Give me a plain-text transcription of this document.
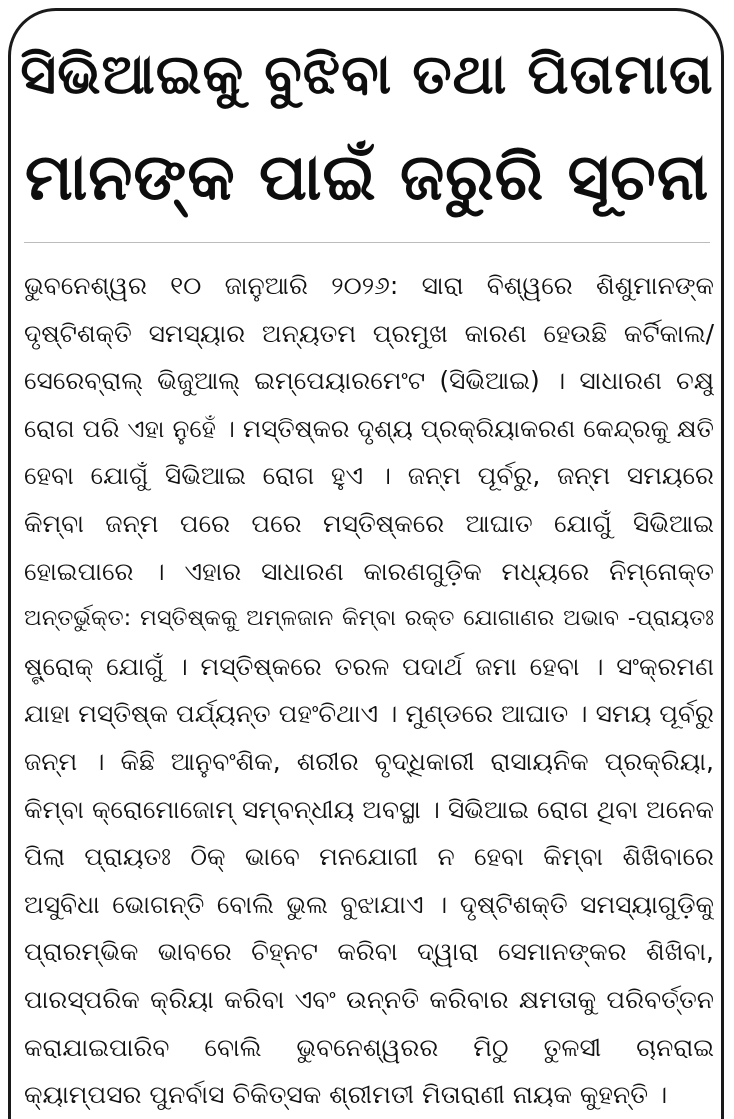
ସିଭିଆଇକୁ ବୁଝିବା ତଥା ପିତାମାତା
ମାନଙ୍କ ପାଇଁ ଜରୁରି ସୂଚନା
ଭୁବନେଶ୍ୱର ୧୦ ଜାନୁଆରି ୨୦୨୬: ସାରା ବିଶ୍ୱରେ ଶିଶୁମାନଙ୍କ
ଦୃଷ୍ଟିଶକ୍ତି ସମସ୍ୟାର ଅନ୍ୟତମ ପ୍ରମୁଖ କାରଣ ହେଉଛି କର୍ଟିକାଲ/
ସେରେବ୍ରାଲ୍ ଭିଜୁଆଲ୍ ଇମ୍ପେୟାରମେଂଟ (ସିଭିଆଇ) । ସାଧାରଣ ଚକ୍ଷୁ
ରୋଗ ପରି ଏହା ନୁହେଁ । ମସ୍ତିଷ୍କର ଦୃଶ୍ୟ ପ୍ରକ୍ରିୟାକରଣ କେନ୍ଦ୍ରକୁ କ୍ଷତି
ହେବା ଯୋଗୁଁ ସିଭିଆଇ ରୋଗ ହୁଏ । ଜନ୍ମ ପୂର୍ବରୁ, ଜନ୍ମ ସମୟରେ
କିମ୍ବା ଜନ୍ମ ପରେ ପରେ ମସ୍ତିଷ୍କରେ ଆଘାତ ଯୋଗୁଁ ସିଭିଆଇ
ହୋଇପାରେ । ଏହାର ସାଧାରଣ କାରଣଗୁଡ଼ିକ ମଧ୍ୟରେ ନିମ୍ନୋକ୍ତ
ଅନ୍ତର୍ଭୁକ୍ତ: ମସ୍ତିଷ୍କକୁ ଅମ୍ଳଜାନ କିମ୍ବା ରକ୍ତ ଯୋଗାଣର ଅଭାବ -ପ୍ରାୟତଃ
ଷ୍ଟ୍ରୋକ୍ ଯୋଗୁଁ । ମସ୍ତିଷ୍କରେ ତରଳ ପଦାର୍ଥ ଜମା ହେବା । ସଂକ୍ରମଣ
ଯାହା ମସ୍ତିଷ୍କ ପର୍ଯ୍ୟନ୍ତ ପହଂଚିଥାଏ । ମୁଣ୍ଡରେ ଆଘାତ । ସମୟ ପୂର୍ବରୁ
ଜନ୍ମ । କିଛି ଆନୁବଂଶିକ, ଶରୀର ବୃଦ୍ଧିକାରୀ ରାସାୟନିକ ପ୍ରକ୍ରିୟା,
କିମ୍ବା କ୍ରୋମୋଜୋମ୍ ସମ୍ବନ୍ଧୀୟ ଅବସ୍ଥା । ସିଭିଆଇ ରୋଗ ଥିବା ଅନେକ
ପିଲା ପ୍ରାୟତଃ ଠିକ୍ ଭାବେ ମନଯୋଗୀ ନ ହେବା କିମ୍ବା ଶିଖିବାରେ
ଅସୁବିଧା ଭୋଗନ୍ତି ବୋଲି ଭୁଲ ବୁଝାଯାଏ । ଦୃଷ୍ଟିଶକ୍ତି ସମସ୍ୟାଗୁଡ଼ିକୁ
ପ୍ରାରମ୍ଭିକ ଭାବରେ ଚିହ୍ନଟ କରିବା ଦ୍ୱାରା ସେମାନଙ୍କର ଶିଖିବା,
ପାରସ୍ପରିକ କ୍ରିୟା କରିବା ଏବଂ ଉନ୍ନତି କରିବାର କ୍ଷମତାକୁ ପରିବର୍ତ୍ତନ
କରାଯାଇପାରିବ ବୋଲି ଭୁବନେଶ୍ୱରର ମିଠୁ ତୁଳସୀ ଚାନରାଇ
କ୍ୟାମ୍ପସର ପୁନର୍ବାସ ଚିକିତ୍ସକ ଶ୍ରୀମତୀ ମିତାରାଣୀ ନାୟକ କୁହନ୍ତି ।
